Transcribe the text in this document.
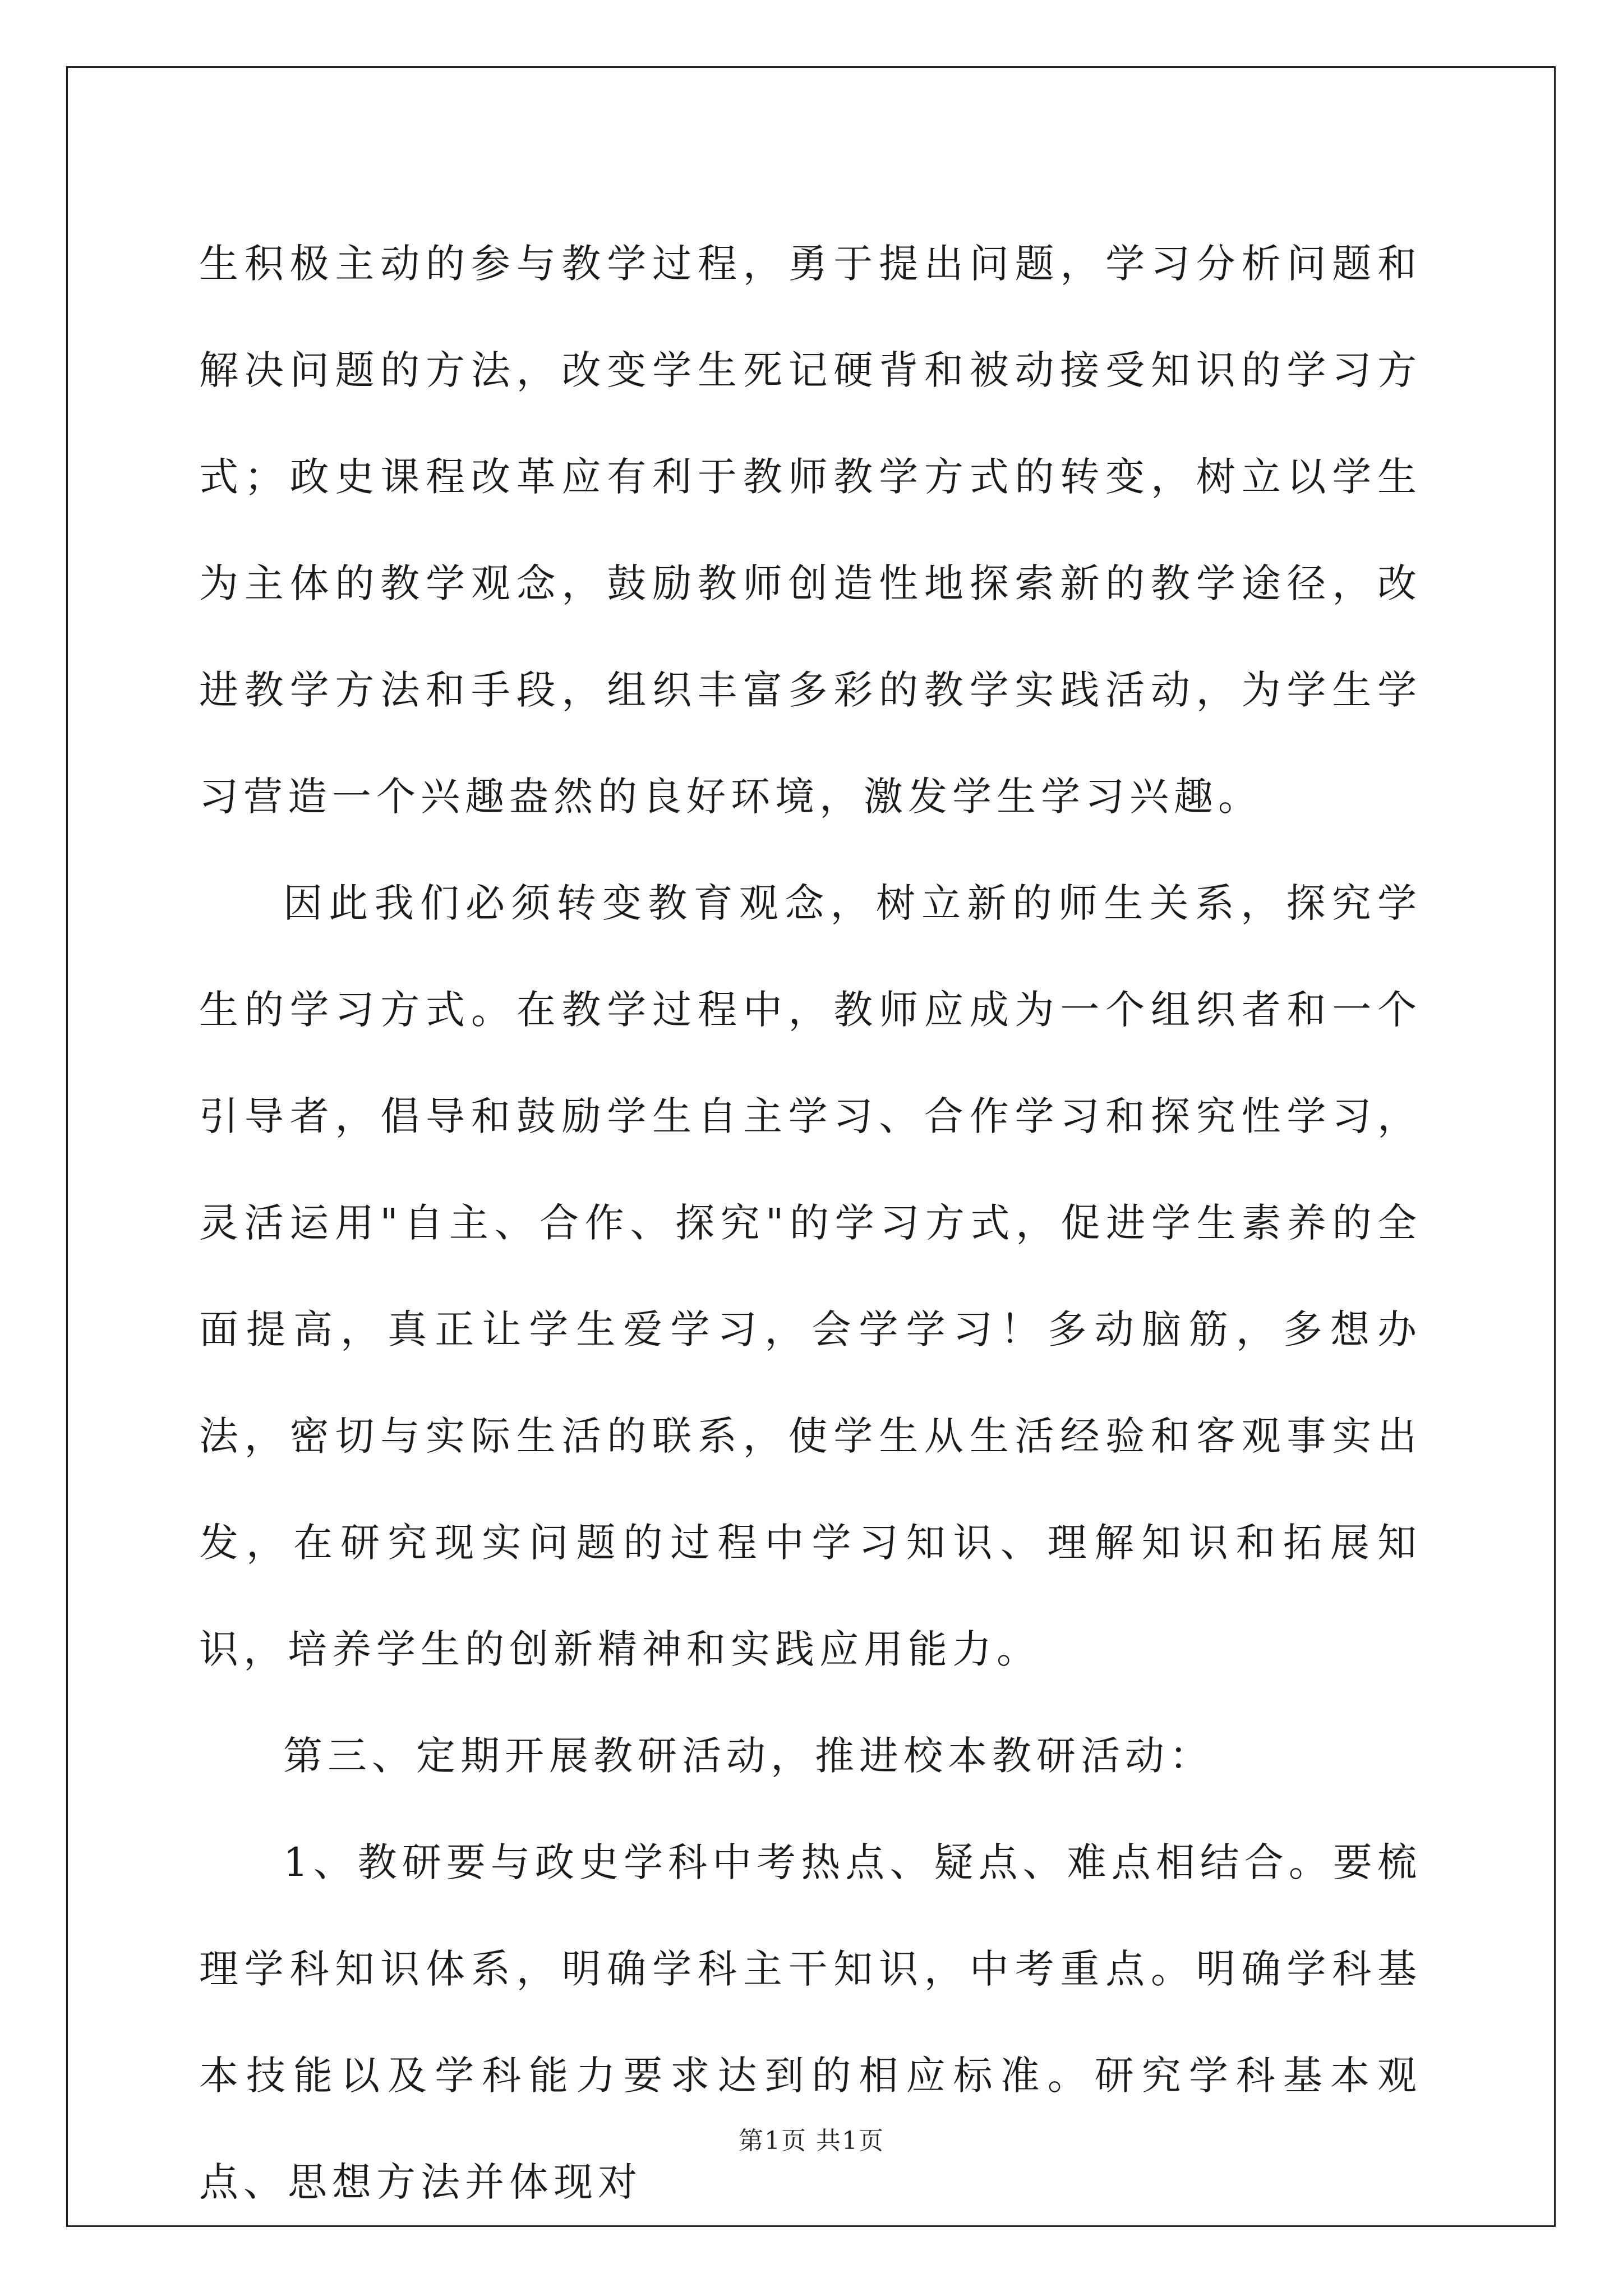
生积极主动的参与教学过程，勇于提出问题，学习分析问题和解决问题的方法，改变学生死记硬背和被动接受知识的学习方式；政史课程改革应有利于教师教学方式的转变，树立以学生为主体的教学观念，鼓励教师创造性地探索新的教学途径，改进教学方法和手段，组织丰富多彩的教学实践活动，为学生学习营造一个兴趣盎然的良好环境，激发学生学习兴趣。

因此我们必须转变教育观念，树立新的师生关系，探究学生的学习方式。在教学过程中，教师应成为一个组织者和一个引导者，倡导和鼓励学生自主学习、合作学习和探究性学习，灵活运用"自主、合作、探究"的学习方式，促进学生素养的全面提高，真正让学生爱学习，会学学习！多动脑筋，多想办法，密切与实际生活的联系，使学生从生活经验和客观事实出发，在研究现实问题的过程中学习知识、理解知识和拓展知识，培养学生的创新精神和实践应用能力。

第三、定期开展教研活动，推进校本教研活动：

1、教研要与政史学科中考热点、疑点、难点相结合。要梳理学科知识体系，明确学科主干知识，中考重点。明确学科基本技能以及学科能力要求达到的相应标准。研究学科基本观点、思想方法并体现对

第1页 共1页
